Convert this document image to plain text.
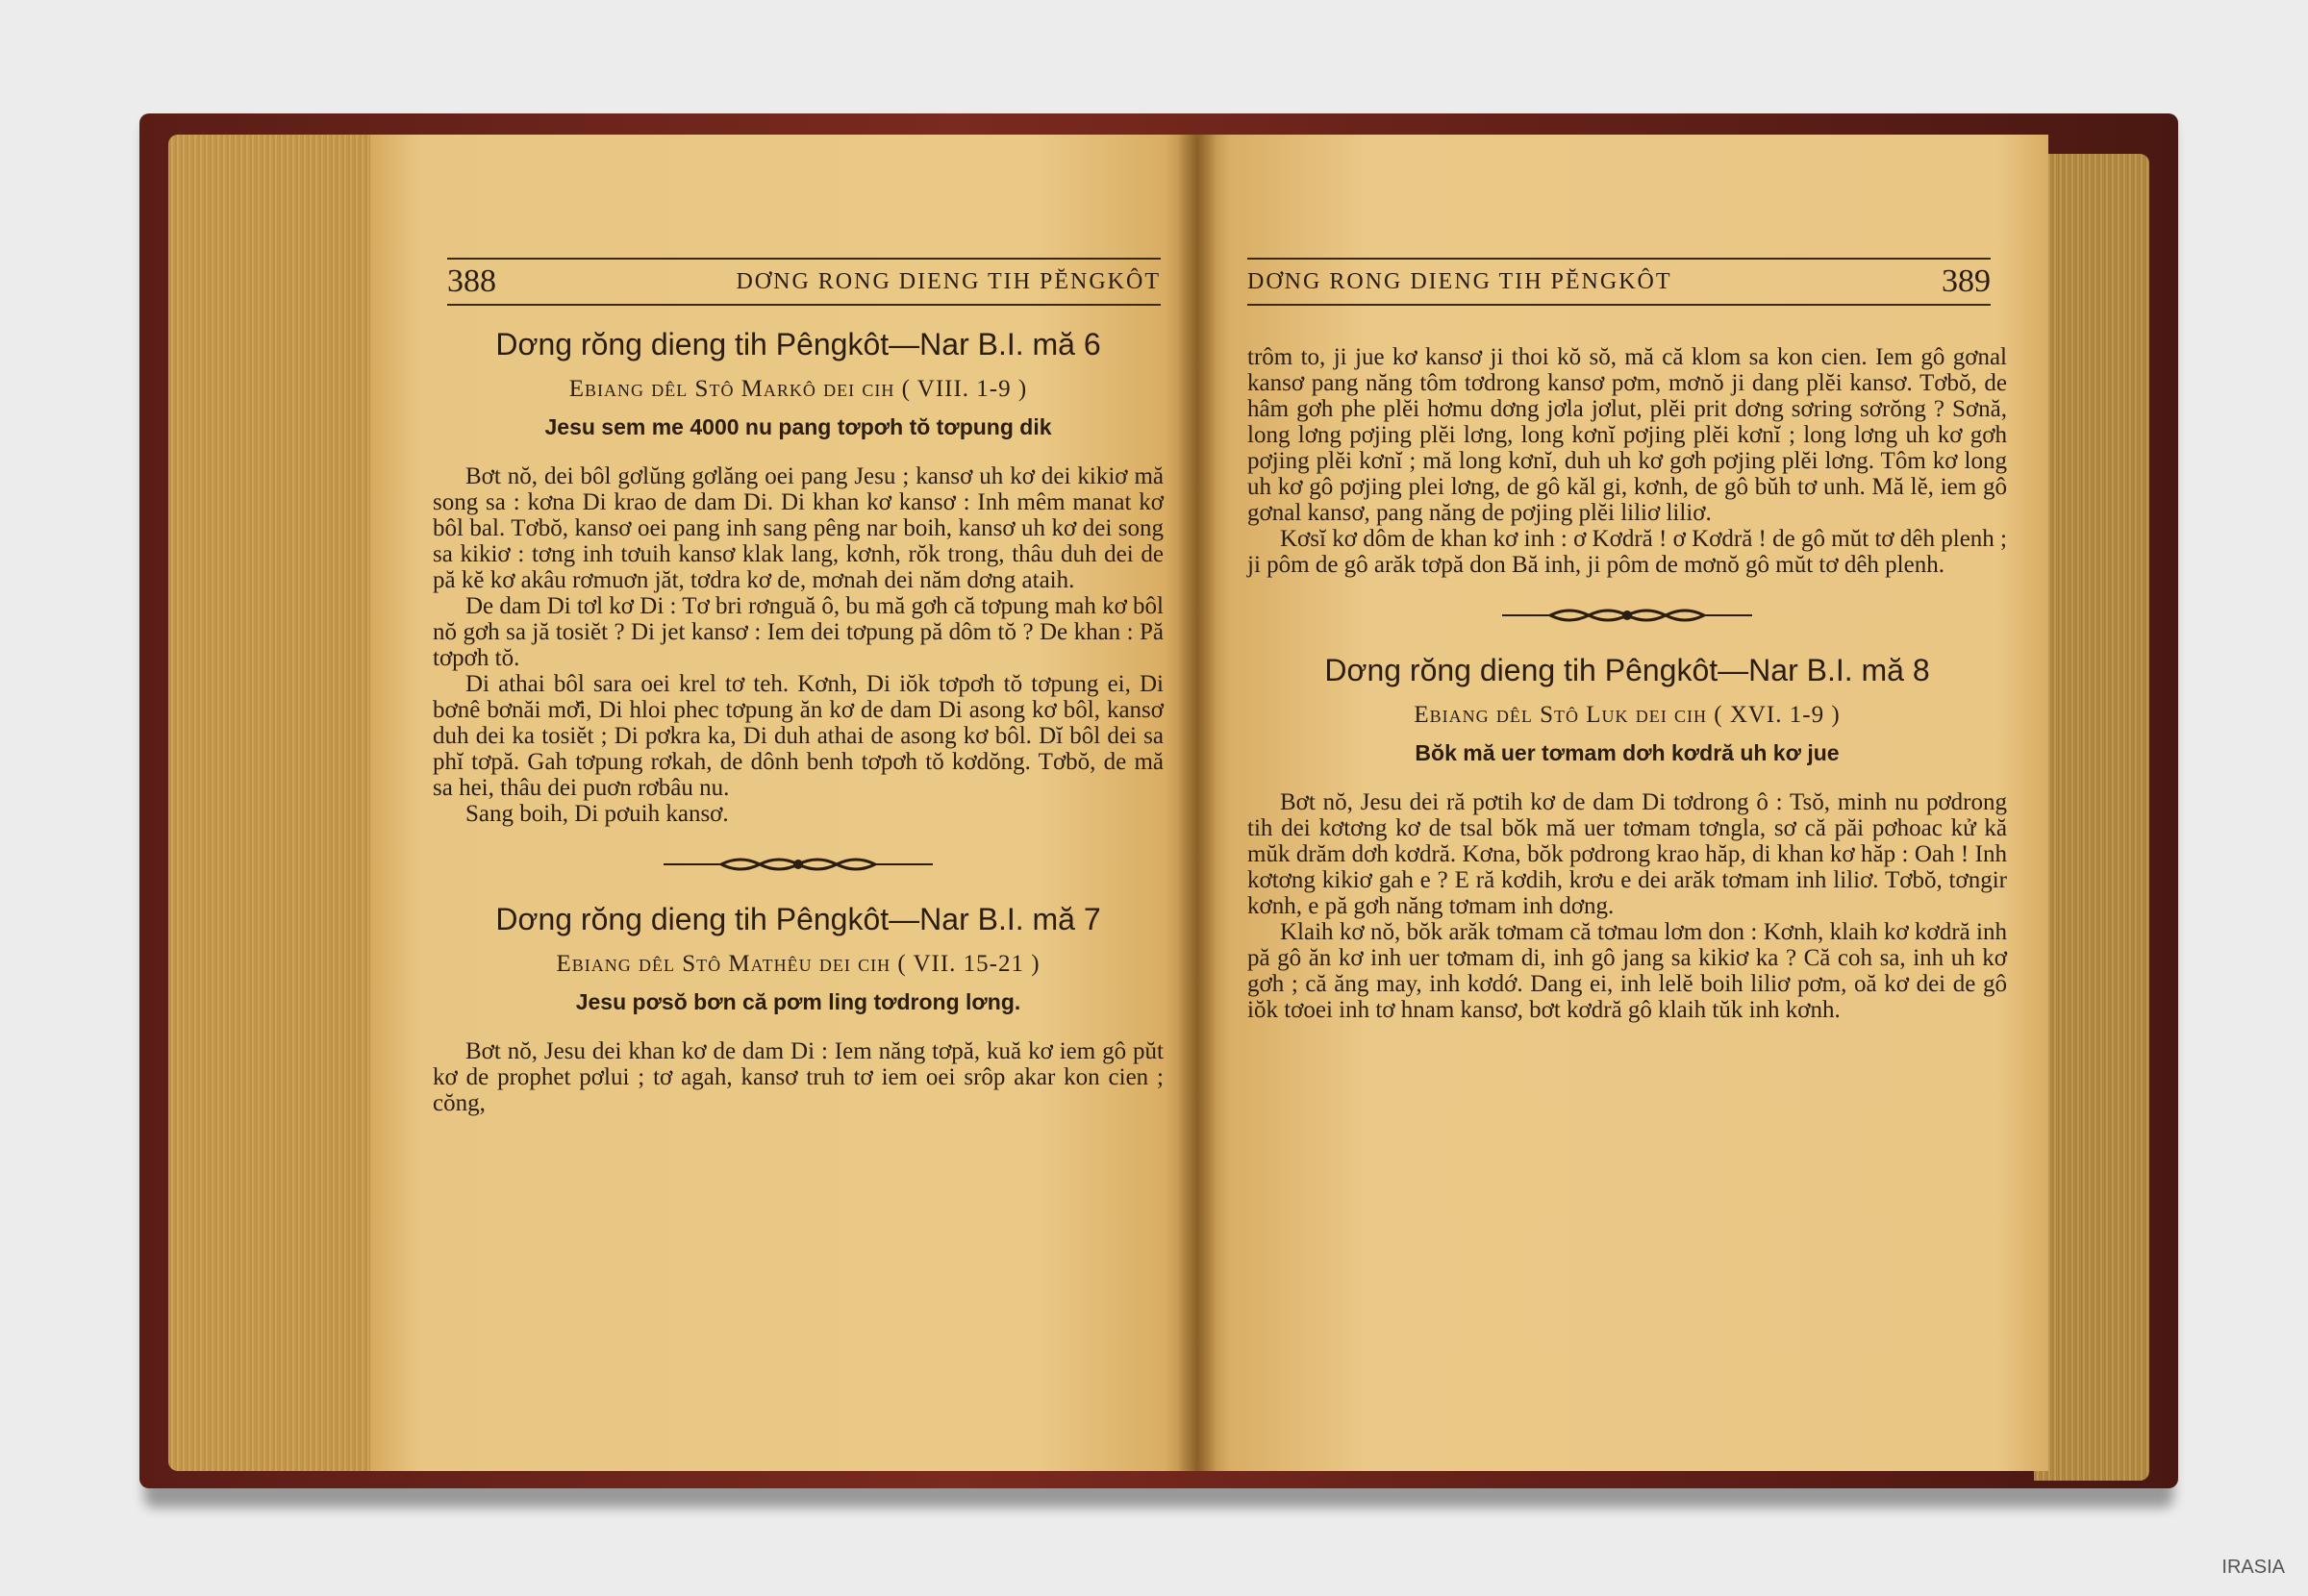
388	DƠNG RONG DIENG TIH PĔNGKÔT
Dơng rŏng dieng tih Pêngkôt—Nar B.I. mă 6
Ebiang dêl Stô Markô dei cih ( VIII. 1-9 )
Jesu sem me 4000 nu pang tơpơh tŏ tơpung dik

Bơt nŏ, dei bôl gơlŭng gơlăng oei pang Jesu ; kansơ uh kơ dei kikiơ mă song sa : kơna Di krao de dam Di. Di khan kơ kansơ : Inh mêm manat kơ bôl bal. Tơbŏ, kansơ oei pang inh sang pêng nar boih, kansơ uh kơ dei song sa kikiơ : tơng inh tơuih kansơ klak lang, kơnh, rŏk trong, thâu duh dei de pă kĕ kơ akâu rơmuơn jăt, tơdra kơ de, mơnah dei năm dơng ataih.

De dam Di tơl kơ Di : Tơ bri rơnguă ô, bu mă gơh că tơpung mah kơ bôl nŏ gơh sa jă tosiĕt ? Di jet kansơ : Iem dei tơpung pă dôm tŏ ? De khan : Pă tơpơh tŏ.

Di athai bôl sara oei krel tơ teh. Kơnh, Di iŏk tơpơh tŏ tơpung ei, Di bơnê bơnăi mơ̆i, Di hloi phec tơpung ăn kơ de dam Di asong kơ bôl, kansơ duh dei ka tosiĕt ; Di pơkra ka, Di duh athai de asong kơ bôl. Dĭ bôl dei sa phĭ tơpă. Gah tơpung rơkah, de dônh benh tơpơh tŏ kơdŏng. Tơbŏ, de mă sa hei, thâu dei puơn rơbâu nu.

Sang boih, Di pơuih kansơ.

Dơng rŏng dieng tih Pêngkôt—Nar B.I. mă 7
Ebiang dêl Stô Mathêu dei cih ( VII. 15-21 )
Jesu pơsŏ bơn că pơm ling tơdrong lơng.

Bơt nŏ, Jesu dei khan kơ de dam Di : Iem năng tơpă, kuă kơ iem gô pŭt kơ de prophet pơlui ; tơ agah, kansơ truh tơ iem oei srôp akar kon cien ; cŏng,

DƠNG RONG DIENG TIH PĔNGKÔT	389

trôm to, ji jue kơ kansơ ji thoi kŏ sŏ, mă că klom sa kon cien. Iem gô gơnal kansơ pang năng tôm tơdrong kansơ pơm, mơnŏ ji dang plĕi kansơ. Tơbŏ, de hâm gơh phe plĕi hơmu dơng jơla jơlut, plĕi prit dơng sơring sơrŏng ? Sơnă, long lơng pơjing plĕi lơng, long kơnĭ pơjing plĕi kơnĭ ; long lơng uh kơ gơh pơjing plĕi kơnĭ ; mă long kơnĭ, duh uh kơ gơh pơjing plĕi lơng. Tôm kơ long uh kơ gô pơjing plei lơng, de gô kăl gi, kơnh, de gô bŭh tơ unh. Mă lĕ, iem gô gơnal kansơ, pang năng de pơjing plĕi liliơ liliơ.

Kơsĭ kơ dôm de khan kơ inh : ơ Kơdră ! ơ Kơdră ! de gô mŭt tơ dêh plenh ; ji pôm de gô arăk tơpă don Bă inh, ji pôm de mơnŏ gô mŭt tơ dêh plenh.

Dơng rŏng dieng tih Pêngkôt—Nar B.I. mă 8
Ebiang dêl Stô Luk dei cih ( XVI. 1-9 )
Bŏk mă uer tơmam dơh kơdră uh kơ jue

Bơt nŏ, Jesu dei ră pơtih kơ de dam Di tơdrong ô : Tsŏ, minh nu pơdrong tih dei kơtơng kơ de tsal bŏk mă uer tơmam tơngla, sơ că păi pơhoac kử kă mŭk drăm dơh kơdră. Kơna, bŏk pơdrong krao hăp, di khan kơ hăp : Oah ! Inh kơtơng kikiơ gah e ? E ră kơdih, krơu e dei arăk tơmam inh liliơ. Tơbŏ, tơngir kơnh, e pă gơh năng tơmam inh dơng.

Klaih kơ nŏ, bŏk arăk tơmam că tơmau lơm don : Kơnh, klaih kơ kơdră inh pă gô ăn kơ inh uer tơmam di, inh gô jang sa kikiơ ka ? Că coh sa, inh uh kơ gơh ; că ăng may, inh kơdớ. Dang ei, inh lelĕ boih liliơ pơm, oă kơ dei de gô iŏk tơoei inh tơ hnam kansơ, bơt kơdră gô klaih tŭk inh kơnh.

IRASIA
